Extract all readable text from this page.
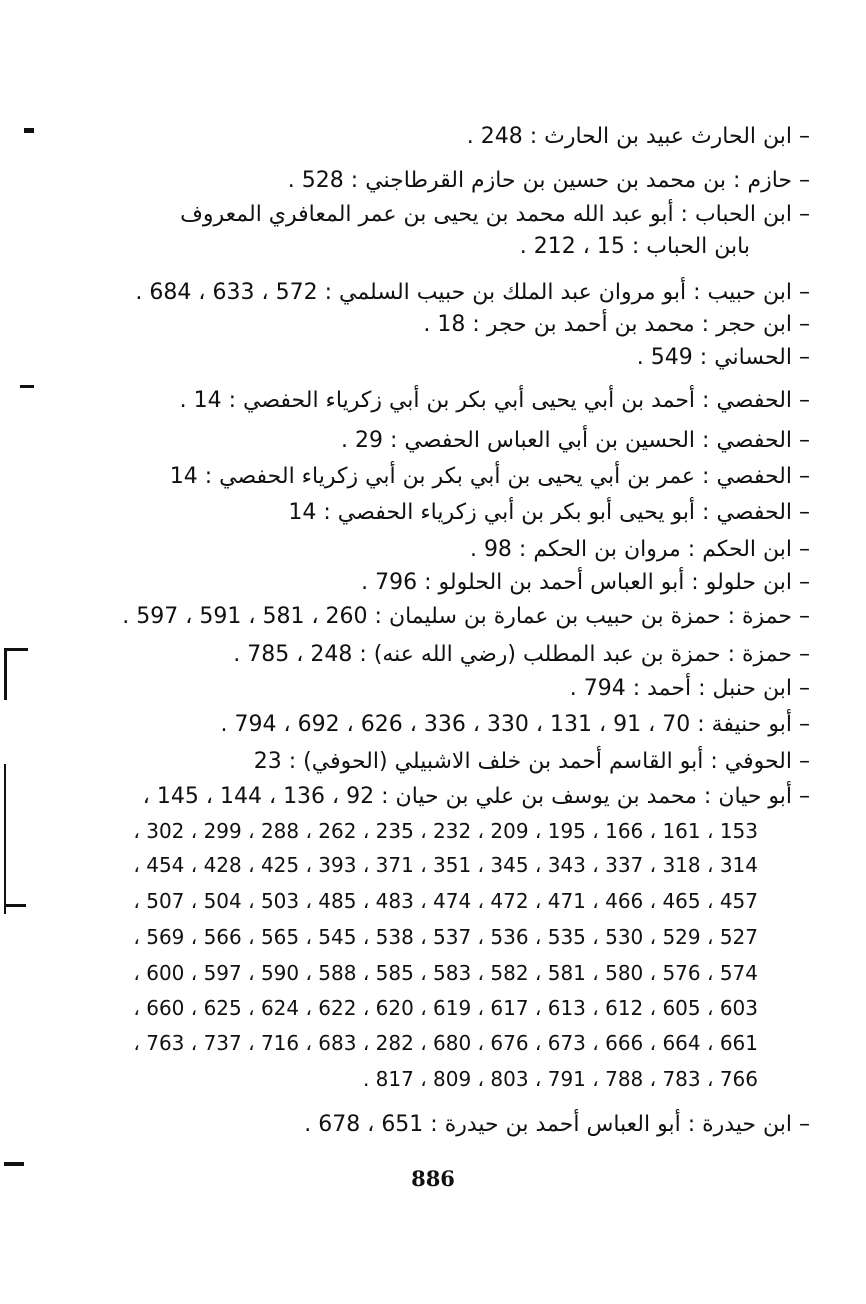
– ابن الحارث عبيد بن الحارث : 248 .
– حازم : بن محمد بن حسين بن حازم القرطاجني : 528 .
– ابن الحباب : أبو عبد الله محمد بن يحيى بن عمر المعافري المعروف
بابن الحباب : 15 ، 212 .
– ابن حبيب : أبو مروان عبد الملك بن حبيب السلمي : 572 ، 633 ، 684 .
– ابن حجر : محمد بن أحمد بن حجر : 18 .
– الحساني : 549 .
– الحفصي : أحمد بن أبي يحيى أبي بكر بن أبي زكرياء الحفصي : 14 .
– الحفصي : الحسين بن أبي العباس الحفصي : 29 .
– الحفصي : عمر بن أبي يحيى بن أبي بكر بن أبي زكرياء الحفصي : 14
– الحفصي : أبو يحيى أبو بكر بن أبي زكرياء الحفصي : 14
– ابن الحكم : مروان بن الحكم : 98 .
– ابن حلولو : أبو العباس أحمد بن الحلولو : 796 .
– حمزة : حمزة بن حبيب بن عمارة بن سليمان : 260 ، 581 ، 591 ، 597 .
– حمزة : حمزة بن عبد المطلب (رضي الله عنه) : 248 ، 785 .
– ابن حنبل : أحمد : 794 .
– أبو حنيفة : 70 ، 91 ، 131 ، 330 ، 336 ، 626 ، 692 ، 794 .
– الحوفي : أبو القاسم أحمد بن خلف الاشبيلي (الحوفي) : 23
– أبو حيان : محمد بن يوسف بن علي بن حيان : 92 ، 136 ، 144 ، 145 ،
153 ، 161 ، 166 ، 195 ، 209 ، 232 ، 235 ، 262 ، 288 ، 299 ، 302 ،
314 ، 318 ، 337 ، 343 ، 345 ، 351 ، 371 ، 393 ، 425 ، 428 ، 454 ،
457 ، 465 ، 466 ، 471 ، 472 ، 474 ، 483 ، 485 ، 503 ، 504 ، 507 ،
527 ، 529 ، 530 ، 535 ، 536 ، 537 ، 538 ، 545 ، 565 ، 566 ، 569 ،
574 ، 576 ، 580 ، 581 ، 582 ، 583 ، 585 ، 588 ، 590 ، 597 ، 600 ،
603 ، 605 ، 612 ، 613 ، 617 ، 619 ، 620 ، 622 ، 624 ، 625 ، 660 ،
661 ، 664 ، 666 ، 673 ، 676 ، 680 ، 282 ، 683 ، 716 ، 737 ، 763 ،
766 ، 783 ، 788 ، 791 ، 803 ، 809 ، 817 .
– ابن حيدرة : أبو العباس أحمد بن حيدرة : 651 ، 678 .
886
